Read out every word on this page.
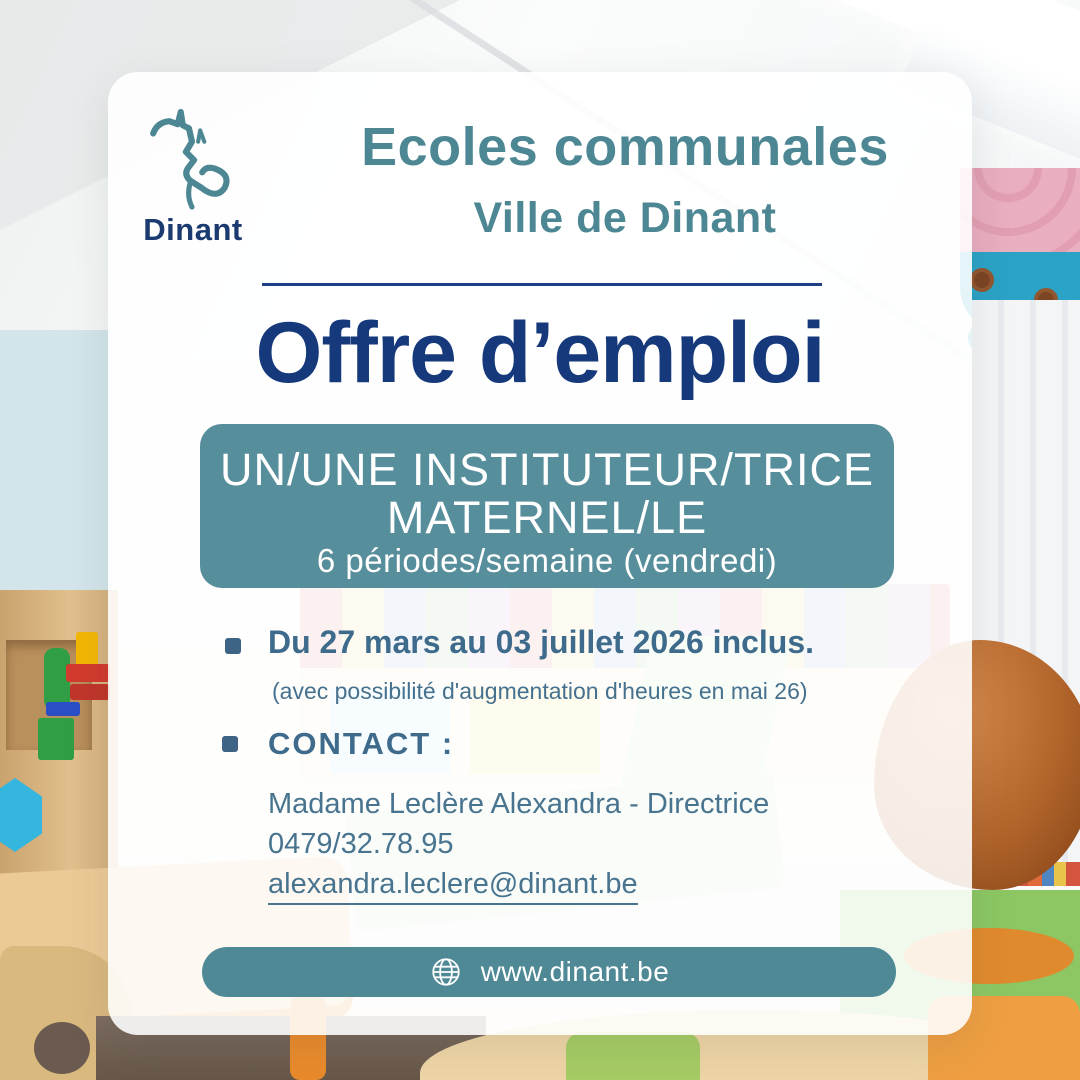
Dinant
Ecoles communales
Ville de Dinant
Offre d’emploi
UN/UNE INSTITUTEUR/TRICE
MATERNEL/LE
6 périodes/semaine (vendredi)
Du 27 mars au 03 juillet 2026 inclus.
(avec possibilité d'augmentation d'heures en mai 26)
CONTACT :
Madame Leclère Alexandra - Directrice
0479/32.78.95
alexandra.leclere@dinant.be
www.dinant.be
